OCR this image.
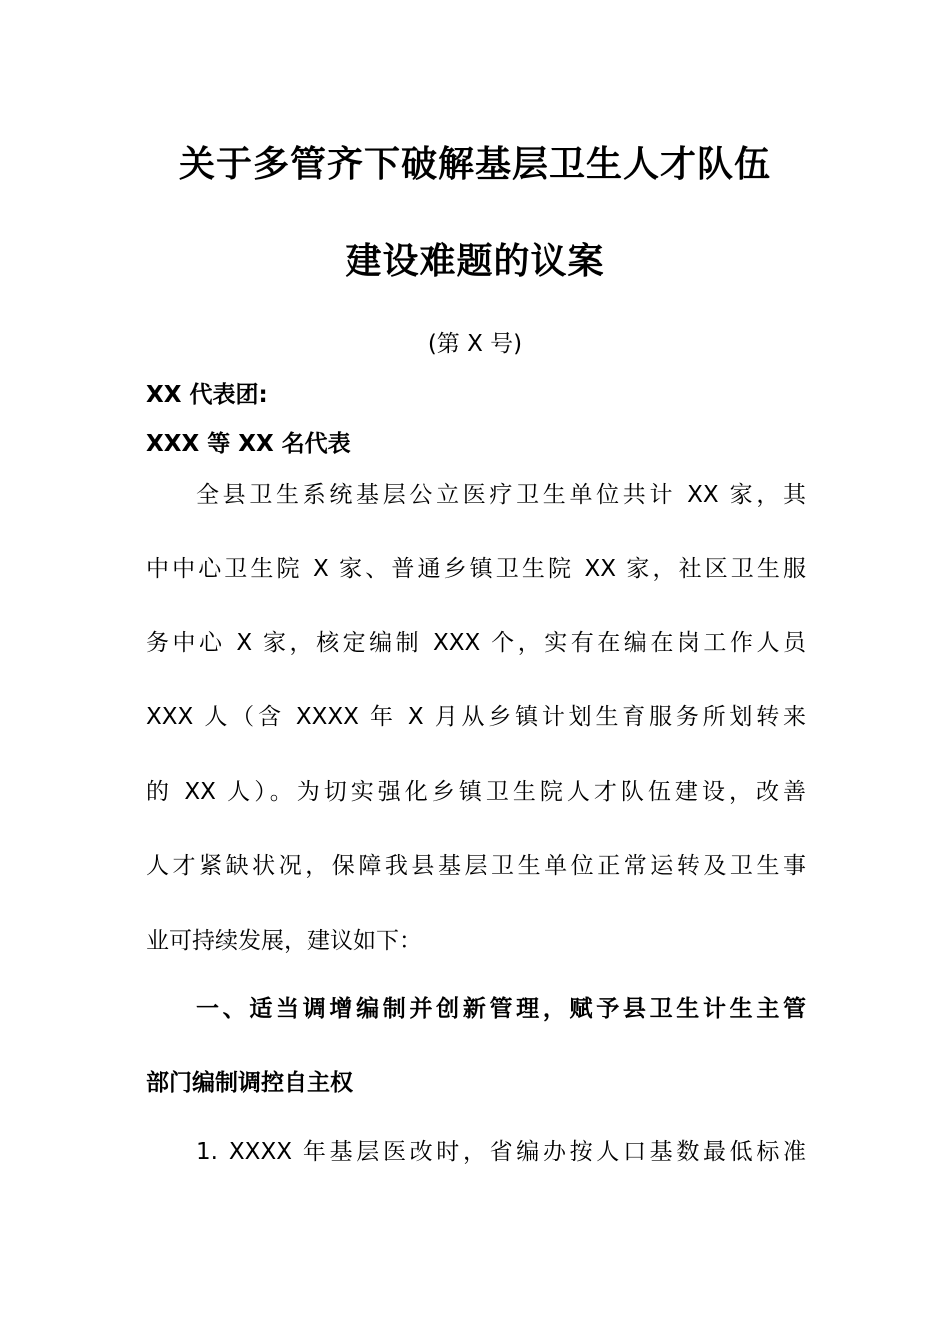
关于多管齐下破解基层卫生人才队伍
建设难题的议案
(第 X 号)
XX 代表团:
XXX 等 XX 名代表
全县卫生系统基层公立医疗卫生单位共计 XX 家，其
中中心卫生院 X 家、普通乡镇卫生院 XX 家，社区卫生服
务中心 X 家，核定编制 XXX 个，实有在编在岗工作人员
XXX 人（含 XXXX 年 X 月从乡镇计划生育服务所划转来
的 XX 人）。为切实强化乡镇卫生院人才队伍建设，改善
人才紧缺状况，保障我县基层卫生单位正常运转及卫生事
业可持续发展，建议如下：
一、适当调增编制并创新管理，赋予县卫生计生主管
部门编制调控自主权
1. XXXX 年基层医改时，省编办按人口基数最低标准
